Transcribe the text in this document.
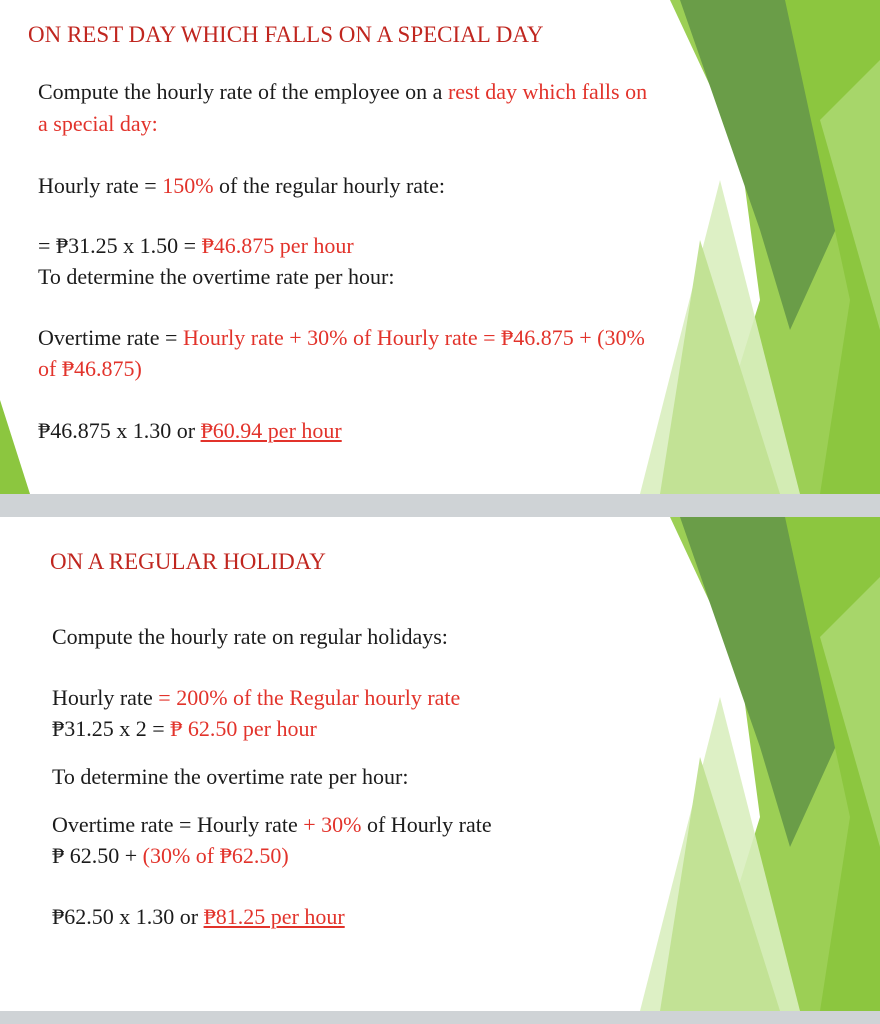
ON REST DAY WHICH FALLS ON A SPECIAL DAY
Compute the hourly rate of the employee on a rest day which falls on
a special day:
Hourly rate = 150% of the regular hourly rate:
= ₱31.25 x 1.50 = ₱46.875 per hour
To determine the overtime rate per hour:
Overtime rate = Hourly rate + 30% of Hourly rate = ₱46.875 + (30%
of ₱46.875)
₱46.875 x 1.30 or ₱60.94 per hour
ON A REGULAR HOLIDAY
Compute the hourly rate on regular holidays:
Hourly rate = 200% of the Regular hourly rate
₱31.25 x 2 = ₱ 62.50 per hour
To determine the overtime rate per hour:
Overtime rate = Hourly rate + 30% of Hourly rate
₱ 62.50 + (30% of ₱62.50)
₱62.50 x 1.30 or ₱81.25 per hour
